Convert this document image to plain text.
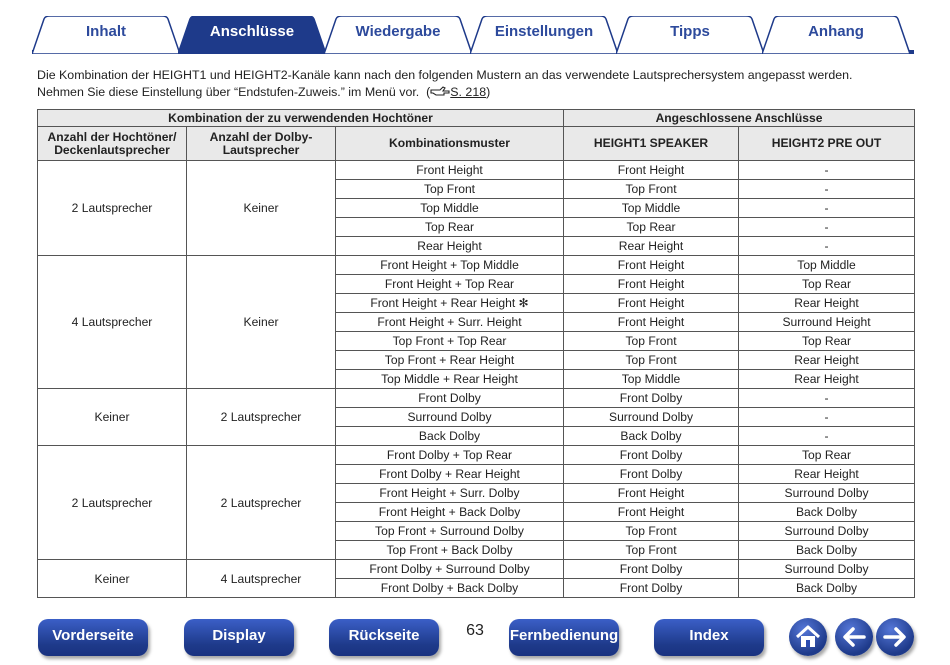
Inhalt	Anschlüsse	Wiedergabe	Einstellungen	Tipps	Anhang
Die Kombination der HEIGHT1 und HEIGHT2-Kanäle kann nach den folgenden Mustern an das verwendete Lautsprechersystem angepasst werden.
Nehmen Sie diese Einstellung über “Endstufen-Zuweis.” im Menü vor. ( S. 218)
Kombination der zu verwendenden Hochtöner			Angeschlossene Anschlüsse	
Anzahl der Hochtöner/ Deckenlautsprecher	Anzahl der Dolby-Lautsprecher	Kombinationsmuster	HEIGHT1 SPEAKER	HEIGHT2 PRE OUT
2 Lautsprecher	Keiner	Front Height	Front Height	-
		Top Front	Top Front	-
		Top Middle	Top Middle	-
		Top Rear	Top Rear	-
		Rear Height	Rear Height	-
4 Lautsprecher	Keiner	Front Height + Top Middle	Front Height	Top Middle
		Front Height + Top Rear	Front Height	Top Rear
		Front Height + Rear Height ✻	Front Height	Rear Height
		Front Height + Surr. Height	Front Height	Surround Height
		Top Front + Top Rear	Top Front	Top Rear
		Top Front + Rear Height	Top Front	Rear Height
		Top Middle + Rear Height	Top Middle	Rear Height
Keiner	2 Lautsprecher	Front Dolby	Front Dolby	-
		Surround Dolby	Surround Dolby	-
		Back Dolby	Back Dolby	-
2 Lautsprecher	2 Lautsprecher	Front Dolby + Top Rear	Front Dolby	Top Rear
		Front Dolby + Rear Height	Front Dolby	Rear Height
		Front Height + Surr. Dolby	Front Height	Surround Dolby
		Front Height + Back Dolby	Front Height	Back Dolby
		Top Front + Surround Dolby	Top Front	Surround Dolby
		Top Front + Back Dolby	Top Front	Back Dolby
Keiner	4 Lautsprecher	Front Dolby + Surround Dolby	Front Dolby	Surround Dolby
		Front Dolby + Back Dolby	Front Dolby	Back Dolby
Vorderseite	Display	Rückseite	63	Fernbedienung	Index
